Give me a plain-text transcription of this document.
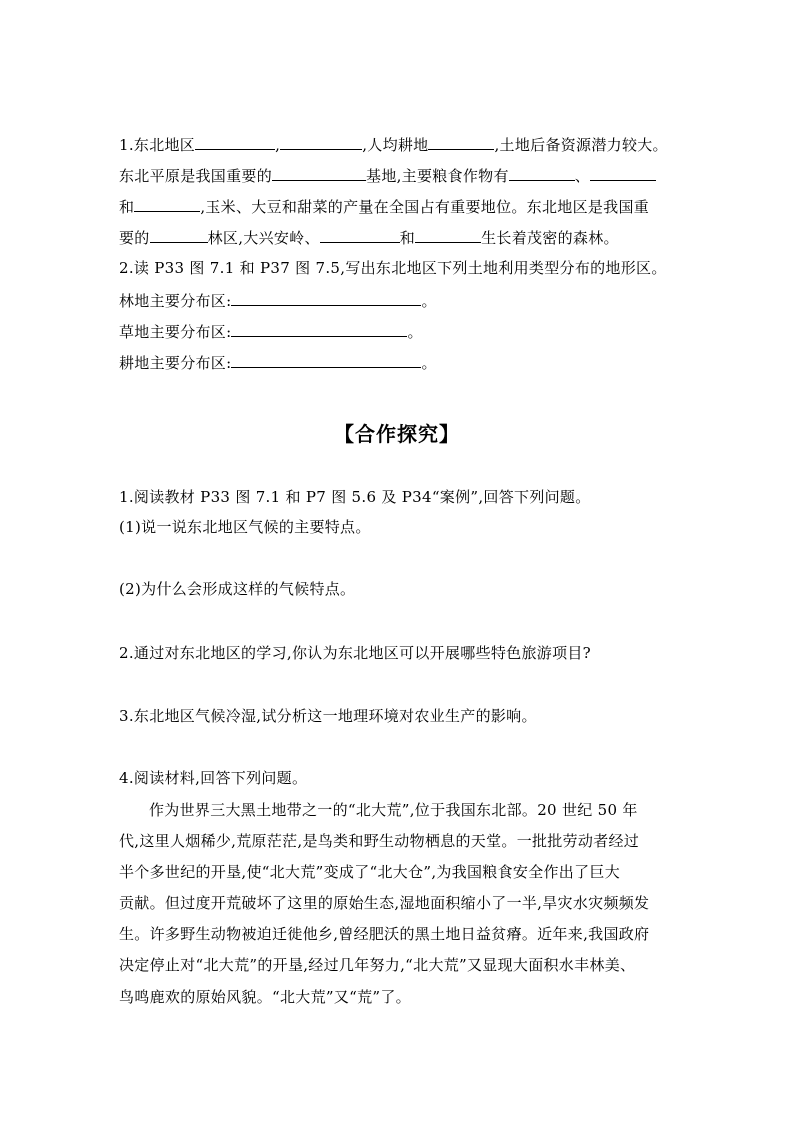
1.东北地区	,	,人均耕地	,土地后备资源潜力较大。
东北平原是我国重要的	基地,主要粮食作物有	、
和	,玉米、大豆和甜菜的产量在全国占有重要地位。东北地区是我国重
要的	林区,大兴安岭、	和	生长着茂密的森林。
2.读 P33 图 7.1 和 P37 图 7.5,写出东北地区下列土地利用类型分布的地形区。
林地主要分布区:	。
草地主要分布区:	。
耕地主要分布区:	。
【合作探究】
1.阅读教材 P33 图 7.1 和 P7 图 5.6 及 P34“案例”,回答下列问题。
(1)说一说东北地区气候的主要特点。
(2)为什么会形成这样的气候特点。
2.通过对东北地区的学习,你认为东北地区可以开展哪些特色旅游项目?
3.东北地区气候冷湿,试分析这一地理环境对农业生产的影响。
4.阅读材料,回答下列问题。
作为世界三大黑土地带之一的“北大荒”,位于我国东北部。20 世纪 50 年
代,这里人烟稀少,荒原茫茫,是鸟类和野生动物栖息的天堂。一批批劳动者经过
半个多世纪的开垦,使“北大荒”变成了“北大仓”,为我国粮食安全作出了巨大
贡献。但过度开荒破坏了这里的原始生态,湿地面积缩小了一半,旱灾水灾频频发
生。许多野生动物被迫迁徙他乡,曾经肥沃的黑土地日益贫瘠。近年来,我国政府
决定停止对“北大荒”的开垦,经过几年努力,“北大荒”又显现大面积水丰林美、
鸟鸣鹿欢的原始风貌。“北大荒”又“荒”了。
